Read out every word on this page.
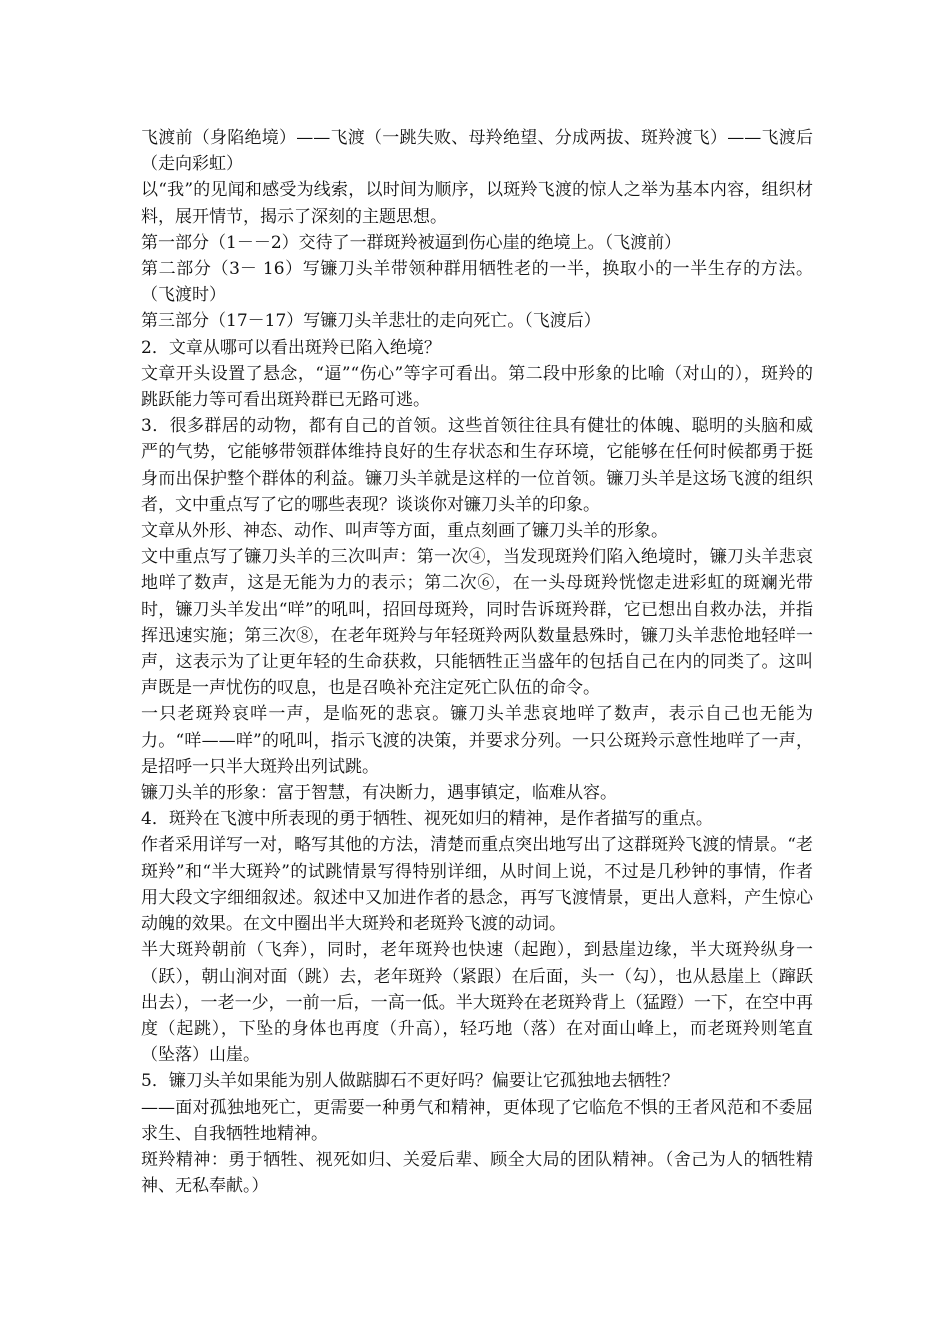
飞渡前（身陷绝境）——飞渡（一跳失败、母羚绝望、分成两拔、斑羚渡飞）——飞渡后（走向彩虹）

以“我”的见闻和感受为线索，以时间为顺序，以斑羚飞渡的惊人之举为基本内容，组织材料，展开情节，揭示了深刻的主题思想。

第一部分（1－－2）交待了一群斑羚被逼到伤心崖的绝境上。（飞渡前）

第二部分（3－ 16）写镰刀头羊带领种群用牺牲老的一半，换取小的一半生存的方法。（飞渡时）

第三部分（17－17）写镰刀头羊悲壮的走向死亡。（飞渡后）

2．文章从哪可以看出斑羚已陷入绝境？

文章开头设置了悬念，“逼”“伤心”等字可看出。第二段中形象的比喻（对山的），斑羚的跳跃能力等可看出斑羚群已无路可逃。

3．很多群居的动物，都有自己的首领。这些首领往往具有健壮的体魄、聪明的头脑和威严的气势，它能够带领群体维持良好的生存状态和生存环境，它能够在任何时候都勇于挺身而出保护整个群体的利益。镰刀头羊就是这样的一位首领。镰刀头羊是这场飞渡的组织者，文中重点写了它的哪些表现？谈谈你对镰刀头羊的印象。

文章从外形、神态、动作、叫声等方面，重点刻画了镰刀头羊的形象。

文中重点写了镰刀头羊的三次叫声：第一次④，当发现斑羚们陷入绝境时，镰刀头羊悲哀地咩了数声，这是无能为力的表示；第二次⑥，在一头母斑羚恍惚走进彩虹的斑斓光带时，镰刀头羊发出“咩”的吼叫，招回母斑羚，同时告诉斑羚群，它已想出自救办法，并指挥迅速实施；第三次⑧，在老年斑羚与年轻斑羚两队数量悬殊时，镰刀头羊悲怆地轻咩一声，这表示为了让更年轻的生命获救，只能牺牲正当盛年的包括自己在内的同类了。这叫声既是一声忧伤的叹息，也是召唤补充注定死亡队伍的命令。

一只老斑羚哀咩一声，是临死的悲哀。镰刀头羊悲哀地咩了数声，表示自己也无能为力。“咩——咩”的吼叫，指示飞渡的决策，并要求分列。一只公斑羚示意性地咩了一声，是招呼一只半大斑羚出列试跳。

镰刀头羊的形象：富于智慧，有决断力，遇事镇定，临难从容。

4．斑羚在飞渡中所表现的勇于牺牲、视死如归的精神，是作者描写的重点。

作者采用详写一对，略写其他的方法，清楚而重点突出地写出了这群斑羚飞渡的情景。“老斑羚”和“半大斑羚”的试跳情景写得特别详细，从时间上说，不过是几秒钟的事情，作者用大段文字细细叙述。叙述中又加进作者的悬念，再写飞渡情景，更出人意料，产生惊心动魄的效果。在文中圈出半大斑羚和老斑羚飞渡的动词。

半大斑羚朝前（飞奔），同时，老年斑羚也快速（起跑），到悬崖边缘，半大斑羚纵身一（跃），朝山涧对面（跳）去，老年斑羚（紧跟）在后面，头一（勾），也从悬崖上（蹿跃出去），一老一少，一前一后，一高一低。半大斑羚在老斑羚背上（猛蹬）一下，在空中再度（起跳），下坠的身体也再度（升高），轻巧地（落）在对面山峰上，而老斑羚则笔直（坠落）山崖。

5．镰刀头羊如果能为别人做踮脚石不更好吗？偏要让它孤独地去牺牲？

——面对孤独地死亡，更需要一种勇气和精神，更体现了它临危不惧的王者风范和不委屈求生、自我牺牲地精神。

斑羚精神：勇于牺牲、视死如归、关爱后辈、顾全大局的团队精神。（舍己为人的牺牲精神、无私奉献。）
